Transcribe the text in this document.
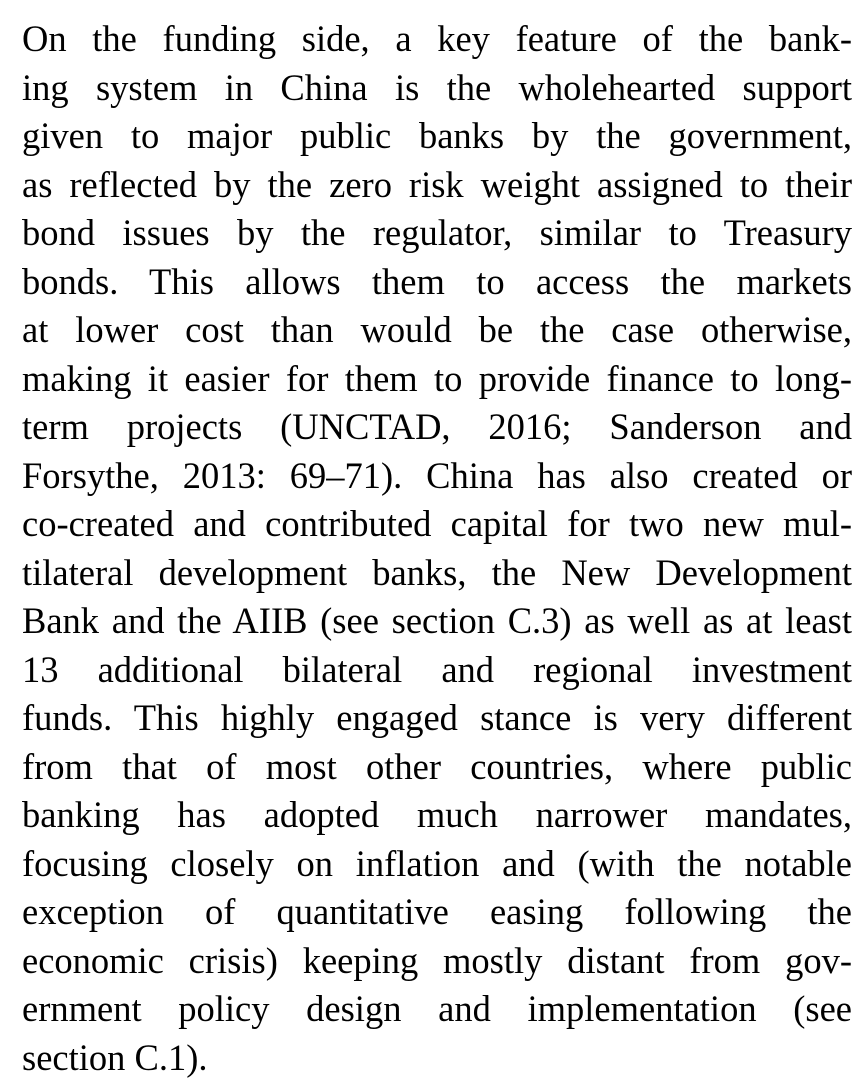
On the funding side, a key feature of the bank-
ing system in China is the wholehearted support
given to major public banks by the government,
as reflected by the zero risk weight assigned to their
bond issues by the regulator, similar to Treasury
bonds. This allows them to access the markets
at lower cost than would be the case otherwise,
making it easier for them to provide finance to long-
term projects (UNCTAD, 2016; Sanderson and
Forsythe, 2013: 69–71). China has also created or
co-created and contributed capital for two new mul-
tilateral development banks, the New Development
Bank and the AIIB (see section C.3) as well as at least
13 additional bilateral and regional investment
funds. This highly engaged stance is very different
from that of most other countries, where public
banking has adopted much narrower mandates,
focusing closely on inflation and (with the notable
exception of quantitative easing following the
economic crisis) keeping mostly distant from gov-
ernment policy design and implementation (see
section C.1).
